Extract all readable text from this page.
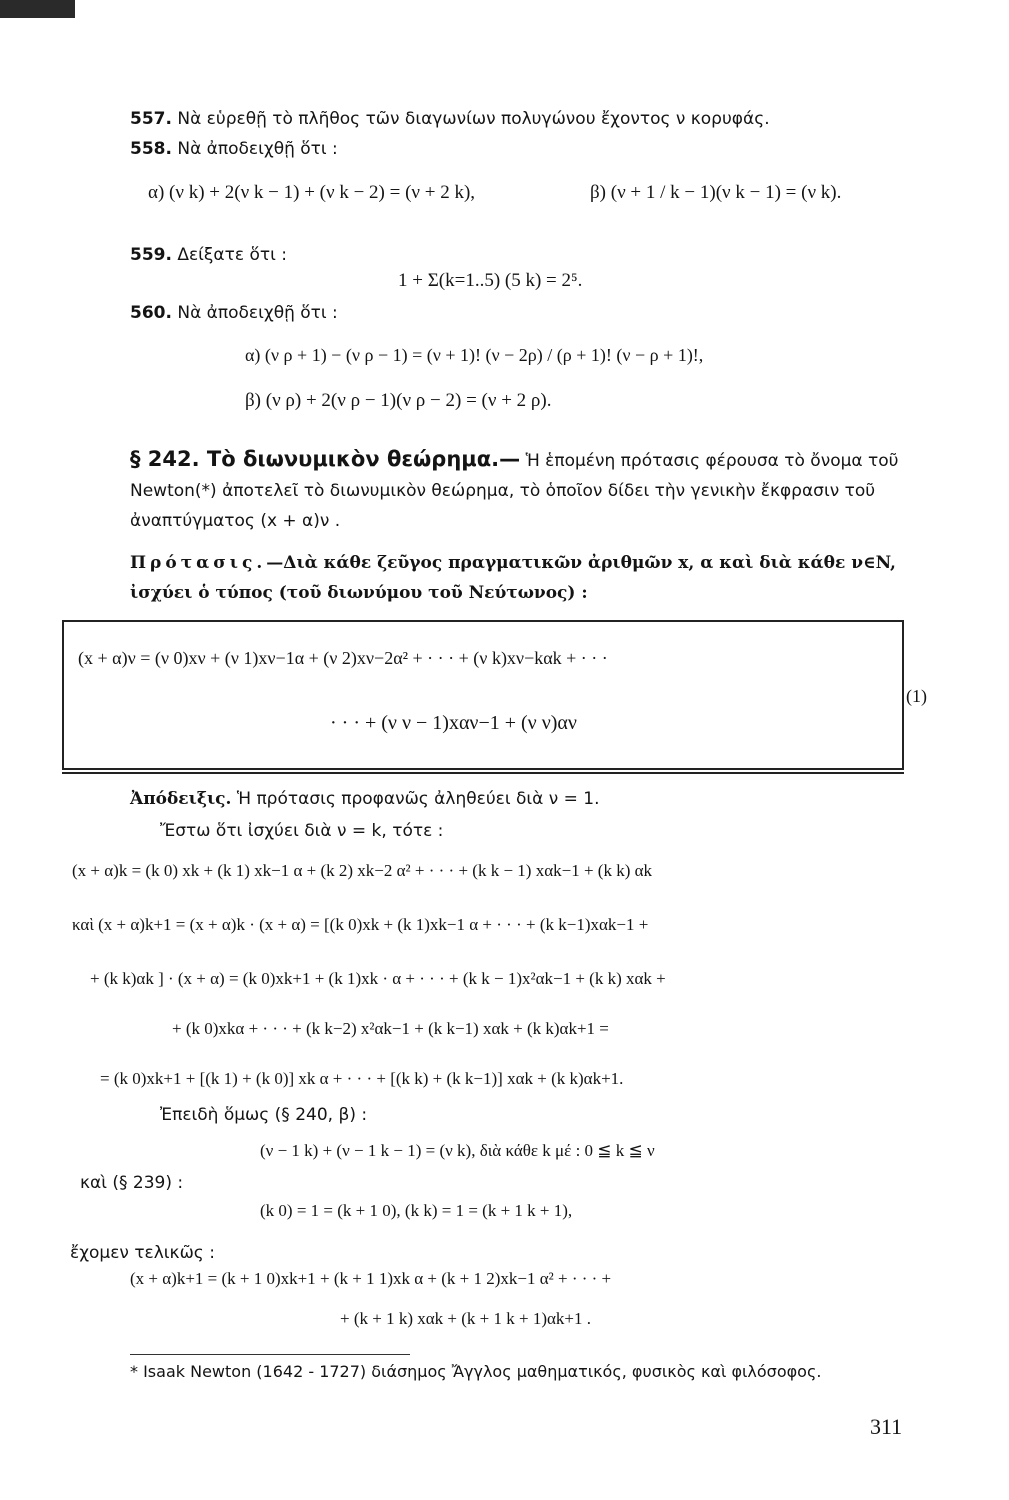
557. Νὰ εὑρεθῇ τὸ πλῆθος τῶν διαγωνίων πολυγώνου ἔχοντος ν κορυφάς.
558. Νὰ ἀποδειχθῇ ὅτι :
α) (ν k) + 2(ν k − 1) + (ν k − 2) = (ν + 2 k),	β) (ν + 1 / k − 1)(ν k − 1) = (ν k).
559. Δείξατε ὅτι :
1 + Σ(k=1..5) (5 k) = 2⁵.
560. Νὰ ἀποδειχθῇ ὅτι :
α) (ν ρ + 1) − (ν ρ − 1) = (ν + 1)! (ν − 2ρ) / (ρ + 1)! (ν − ρ + 1)!,
β) (ν ρ) + 2(ν ρ − 1)(ν ρ − 2) = (ν + 2 ρ).
§ 242. Τὸ διωνυμικὸν θεώρημα.— Ἡ ἑπομένη πρότασις φέρουσα τὸ ὄνομα τοῦ Newton(*) ἀποτελεῖ τὸ διωνυμικὸν θεώρημα, τὸ ὁποῖον δίδει τὴν γενικὴν ἔκφρασιν τοῦ ἀναπτύγματος (x + α)ν .
Πρότασις.—Διὰ κάθε ζεῦγος πραγματικῶν ἀριθμῶν x, α καὶ διὰ κάθε ν∈N, ἰσχύει ὁ τύπος (τοῦ διωνύμου τοῦ Νεύτωνος) :
(x + α)ν = (ν 0)xν + (ν 1)xν−1α + (ν 2)xν−2α² + · · · + (ν k)xν−kαk + · · ·
· · · + (ν ν − 1)xαν−1 + (ν ν)αν
(1)
Ἀπόδειξις. Ἡ πρότασις προφανῶς ἀληθεύει διὰ ν = 1.
Ἔστω ὅτι ἰσχύει διὰ ν = k, τότε :
(x + α)k = (k 0) xk + (k 1) xk−1 α + (k 2) xk−2 α² + · · · + (k k − 1) xαk−1 + (k k) αk
καὶ (x + α)k+1 = (x + α)k · (x + α) = [(k 0)xk + (k 1)xk−1 α + · · · + (k k−1)xαk−1 +
+ (k k)αk ] · (x + α) = (k 0)xk+1 + (k 1)xk · α + · · · + (k k − 1)x²αk−1 + (k k) xαk +
+ (k 0)xkα + · · · + (k k−2) x²αk−1 + (k k−1) xαk + (k k)αk+1 =
= (k 0)xk+1 + [(k 1) + (k 0)] xk α + · · · + [(k k) + (k k−1)] xαk + (k k)αk+1.
Ἐπειδὴ ὅμως (§ 240, β) :
(ν − 1 k) + (ν − 1 k − 1) = (ν k), διὰ κάθε k μέ : 0 ≦ k ≦ ν
καὶ (§ 239) :
(k 0) = 1 = (k + 1 0), (k k) = 1 = (k + 1 k + 1),
ἔχομεν τελικῶς :
(x + α)k+1 = (k + 1 0)xk+1 + (k + 1 1)xk α + (k + 1 2)xk−1 α² + · · · +
+ (k + 1 k) xαk + (k + 1 k + 1)αk+1 .
* Isaak Newton (1642 - 1727) διάσημος Ἄγγλος μαθηματικός, φυσικὸς καὶ φιλόσοφος.
311
